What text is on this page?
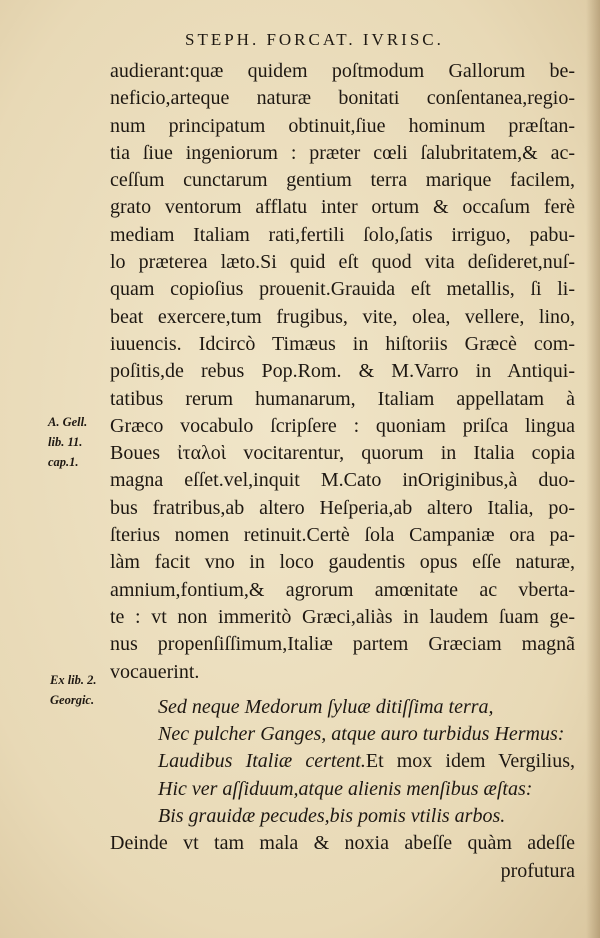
STEPH. FORCAT. IVRISC.
A. Gell.
lib. 11.
cap.1.
Ex lib. 2.
Georgic.
audierant:quæ quidem poſtmodum Gallorum be-
neficio,arteque naturæ bonitati conſentanea,regio-
num principatum obtinuit,ſiue hominum præſtan-
tia ſiue ingeniorum : præter cœli ſalubritatem,& ac-
ceſſum cunctarum gentium terra marique facilem,
grato ventorum afflatu inter ortum & occaſum ferè
mediam Italiam rati,fertili ſolo,ſatis irriguo, pabu-
lo prætereа læto.Si quid eſt quod vita deſideret,nuſ-
quam copioſius prouenit.Grauida eſt metallis, ſi li-
beat exercere,tum frugibus, vite, olea, vellere, lino,
iuuencis. Idcircò Timæus in hiſtoriis Græcè com-
poſitis,de rebus Pop.Rom. & M.Varro in Antiqui-
tatibus rerum humanarum, Italiam appellatam à
Græco vocabulo ſcripſere : quoniam priſca lingua
Boues ἰταλοὶ vocitarentur, quorum in Italia copia
magna eſſet.vel,inquit M.Cato inOriginibus,à duo-
bus fratribus,ab altero Heſperia,ab altero Italia, po-
ſterius nomen retinuit.Certè ſola Campaniæ ora pa-
làm facit vno in loco gaudentis opus eſſe naturæ,
amnium,fontium,& agrorum amœnitate ac vberta-
te : vt non immeritò Græci,aliàs in laudem ſuam ge-
nus propenſiſſimum,Italiæ partem Græciam magnã
vocauerint.
Sed neque Medorum ſyluæ ditiſſima terra,
Nec pulcher Ganges, atque auro turbidus Hermus:
Laudibus Italiæ certent.Et mox idem Vergilius,
Hic ver aſſiduum,atque alienis menſibus æſtas:
Bis grauidæ pecudes,bis pomis vtilis arbos.
Deinde vt tam mala & noxia abeſſe quàm adeſſe
profutura
